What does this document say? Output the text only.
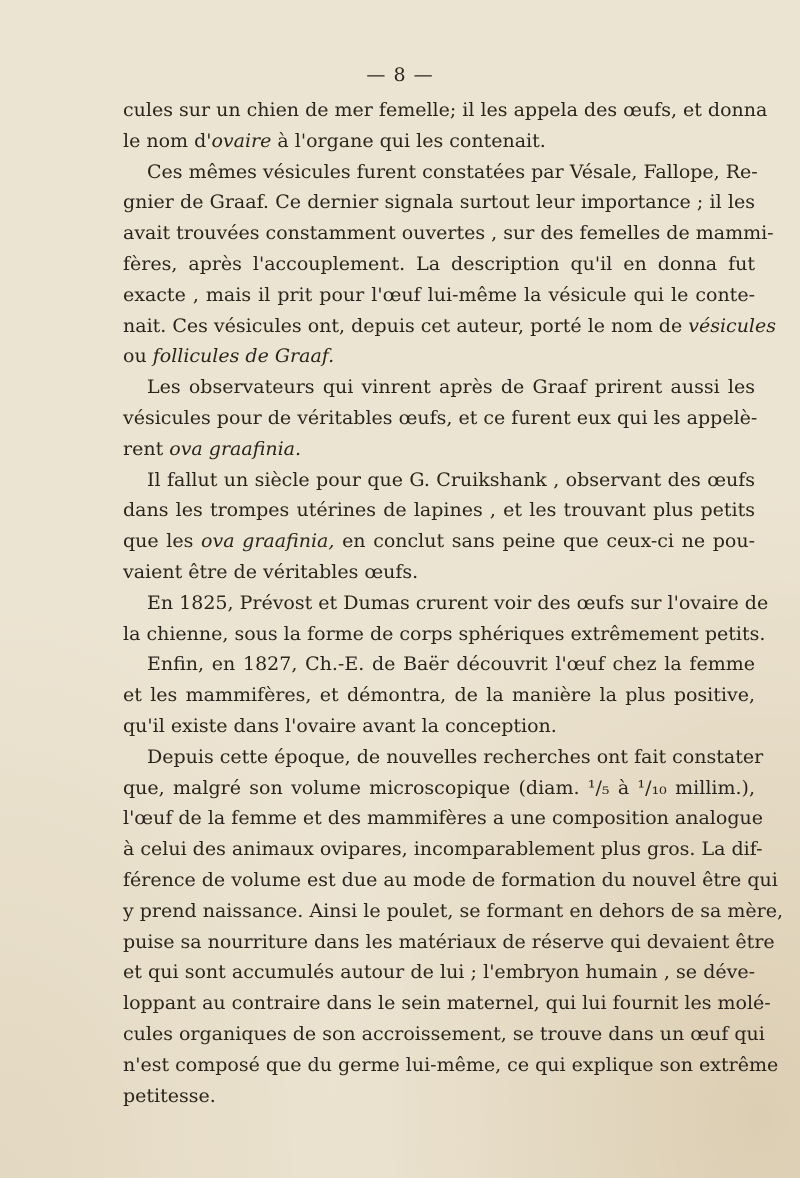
— 8 —
cules sur un chien de mer femelle; il les appela des œufs, et donna
le nom d'ovaire à l'organe qui les contenait.
Ces mêmes vésicules furent constatées par Vésale, Fallope, Re-
gnier de Graaf. Ce dernier signala surtout leur importance ; il les
avait trouvées constamment ouvertes , sur des femelles de mammi-
fères, après l'accouplement. La description qu'il en donna fut
exacte , mais il prit pour l'œuf lui-même la vésicule qui le conte-
nait. Ces vésicules ont, depuis cet auteur, porté le nom de vésicules
ou follicules de Graaf.
Les observateurs qui vinrent après de Graaf prirent aussi les
vésicules pour de véritables œufs, et ce furent eux qui les appelè-
rent ova graafinia.
Il fallut un siècle pour que G. Cruikshank , observant des œufs
dans les trompes utérines de lapines , et les trouvant plus petits
que les ova graafinia, en conclut sans peine que ceux-ci ne pou-
vaient être de véritables œufs.
En 1825, Prévost et Dumas crurent voir des œufs sur l'ovaire de
la chienne, sous la forme de corps sphériques extrêmement petits.
Enfin, en 1827, Ch.-E. de Baër découvrit l'œuf chez la femme
et les mammifères, et démontra, de la manière la plus positive,
qu'il existe dans l'ovaire avant la conception.
Depuis cette époque, de nouvelles recherches ont fait constater
que, malgré son volume microscopique (diam. ¹/₅ à ¹/₁₀ millim.),
l'œuf de la femme et des mammifères a une composition analogue
à celui des animaux ovipares, incomparablement plus gros. La dif-
férence de volume est due au mode de formation du nouvel être qui
y prend naissance. Ainsi le poulet, se formant en dehors de sa mère,
puise sa nourriture dans les matériaux de réserve qui devaient être
et qui sont accumulés autour de lui ; l'embryon humain , se déve-
loppant au contraire dans le sein maternel, qui lui fournit les molé-
cules organiques de son accroissement, se trouve dans un œuf qui
n'est composé que du germe lui-même, ce qui explique son extrême
petitesse.
